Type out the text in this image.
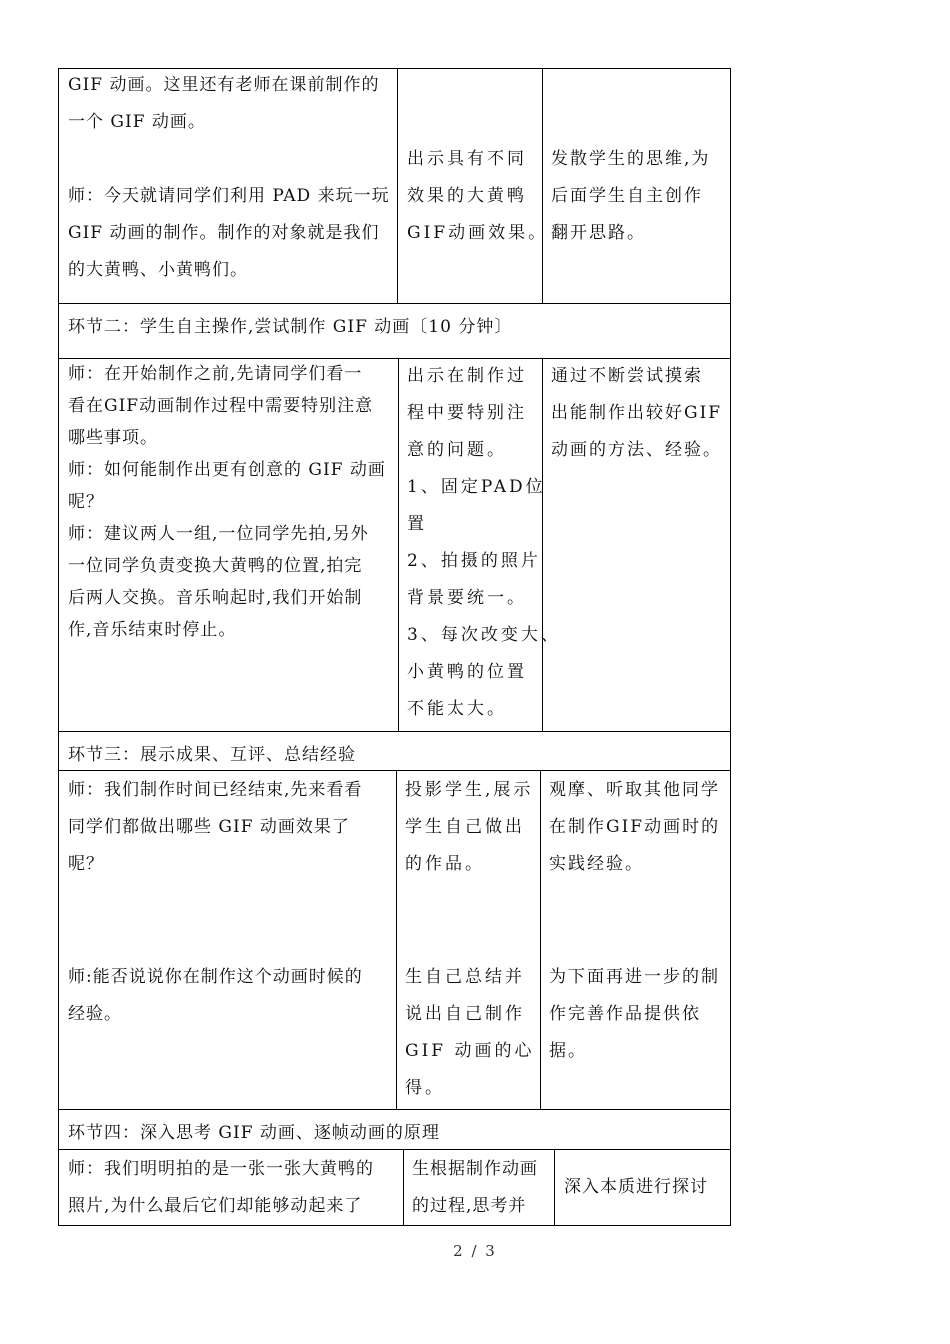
GIF 动画。这里还有老师在课前制作的
一个 GIF 动画。
师：今天就请同学们利用 PAD 来玩一玩
GIF 动画的制作。制作的对象就是我们
的大黄鸭、小黄鸭们。
出示具有不同
效果的大黄鸭
GIF动画效果。
发散学生的思维,为
后面学生自主创作
翻开思路。
环节二：学生自主操作,尝试制作 GIF 动画〔10 分钟〕
师：在开始制作之前,先请同学们看一
看在GIF动画制作过程中需要特别注意
哪些事项。
师：如何能制作出更有创意的 GIF 动画
呢？
师：建议两人一组,一位同学先拍,另外
一位同学负责变换大黄鸭的位置,拍完
后两人交换。音乐响起时,我们开始制
作,音乐结束时停止。
出示在制作过
程中要特别注
意的问题。
1、固定PAD位
置
2、拍摄的照片
背景要统一。
3、每次改变大、
小黄鸭的位置
不能太大。
通过不断尝试摸索
出能制作出较好GIF
动画的方法、经验。
环节三：展示成果、互评、总结经验
师：我们制作时间已经结束,先来看看
同学们都做出哪些 GIF 动画效果了
呢？
投影学生,展示
学生自己做出
的作品。
观摩、听取其他同学
在制作GIF动画时的
实践经验。
师:能否说说你在制作这个动画时候的
经验。
生自己总结并
说出自己制作
GIF 动画的心
得。
为下面再进一步的制
作完善作品提供依
据。
环节四：深入思考 GIF 动画、逐帧动画的原理
师：我们明明拍的是一张一张大黄鸭的
照片,为什么最后它们却能够动起来了
生根据制作动画
的过程,思考并
深入本质进行探讨
2 / 3
